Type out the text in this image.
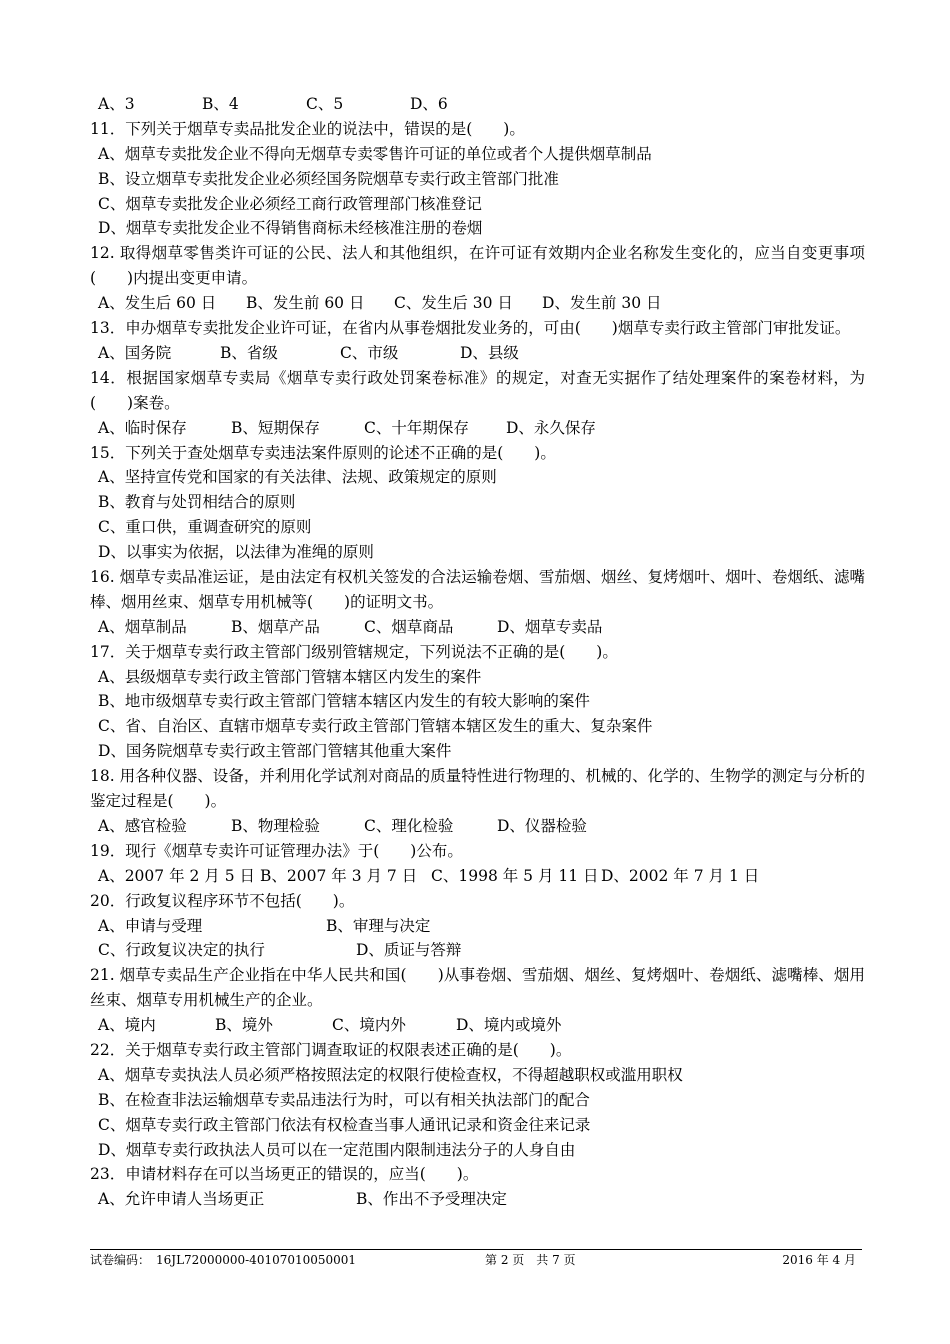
A、3	B、4	C、5	D、6
11．下列关于烟草专卖品批发企业的说法中，错误的是(　　)。
A、烟草专卖批发企业不得向无烟草专卖零售许可证的单位或者个人提供烟草制品
B、设立烟草专卖批发企业必须经国务院烟草专卖行政主管部门批准
C、烟草专卖批发企业必须经工商行政管理部门核准登记
D、烟草专卖批发企业不得销售商标未经核准注册的卷烟
12. 取得烟草零售类许可证的公民、法人和其他组织，在许可证有效期内企业名称发生变化的，应当自变更事项(　　)内提出变更申请。
A、发生后 60 日 B、发生前 60 日 C、发生后 30 日 D、发生前 30 日
13．申办烟草专卖批发企业许可证，在省内从事卷烟批发业务的，可由(　　)烟草专卖行政主管部门审批发证。
A、国务院	B、省级	C、市级	D、县级
14．根据国家烟草专卖局《烟草专卖行政处罚案卷标准》的规定，对查无实据作了结处理案件的案卷材料，为(　　)案卷。
A、临时保存	B、短期保存	C、十年期保存 D、永久保存
15．下列关于查处烟草专卖违法案件原则的论述不正确的是(　　)。
A、坚持宣传党和国家的有关法律、法规、政策规定的原则
B、教育与处罚相结合的原则
C、重口供，重调查研究的原则
D、以事实为依据，以法律为准绳的原则
16. 烟草专卖品准运证，是由法定有权机关签发的合法运输卷烟、雪茄烟、烟丝、复烤烟叶、烟叶、卷烟纸、滤嘴棒、烟用丝束、烟草专用机械等(　　)的证明文书。
A、烟草制品	B、烟草产品	C、烟草商品	D、烟草专卖品
17．关于烟草专卖行政主管部门级别管辖规定，下列说法不正确的是(　　)。
A、县级烟草专卖行政主管部门管辖本辖区内发生的案件
B、地市级烟草专卖行政主管部门管辖本辖区内发生的有较大影响的案件
C、省、自治区、直辖市烟草专卖行政主管部门管辖本辖区发生的重大、复杂案件
D、国务院烟草专卖行政主管部门管辖其他重大案件
18. 用各种仪器、设备，并利用化学试剂对商品的质量特性进行物理的、机械的、化学的、生物学的测定与分析的鉴定过程是(　　)。
A、感官检验	B、物理检验	C、理化检验	D、仪器检验
19．现行《烟草专卖许可证管理办法》于(　　)公布。
A、2007 年 2 月 5 日 B、2007 年 3 月 7 日 C、1998 年 5 月 11 日 D、2002 年 7 月 1 日
20．行政复议程序环节不包括(　　)。
A、申请与受理	B、审理与决定
C、行政复议决定的执行	D、质证与答辩
21. 烟草专卖品生产企业指在中华人民共和国(　　)从事卷烟、雪茄烟、烟丝、复烤烟叶、卷烟纸、滤嘴棒、烟用丝束、烟草专用机械生产的企业。
A、境内	B、境外	C、境内外	D、境内或境外
22．关于烟草专卖行政主管部门调查取证的权限表述正确的是(　　)。
A、烟草专卖执法人员必须严格按照法定的权限行使检查权，不得超越职权或滥用职权
B、在检查非法运输烟草专卖品违法行为时，可以有相关执法部门的配合
C、烟草专卖行政主管部门依法有权检查当事人通讯记录和资金往来记录
D、烟草专卖行政执法人员可以在一定范围内限制违法分子的人身自由
23．申请材料存在可以当场更正的错误的，应当(　　)。
A、允许申请人当场更正	B、作出不予受理决定
试卷编码：　16JL72000000-40107010050001	第 2 页　共 7 页	2016 年 4 月
